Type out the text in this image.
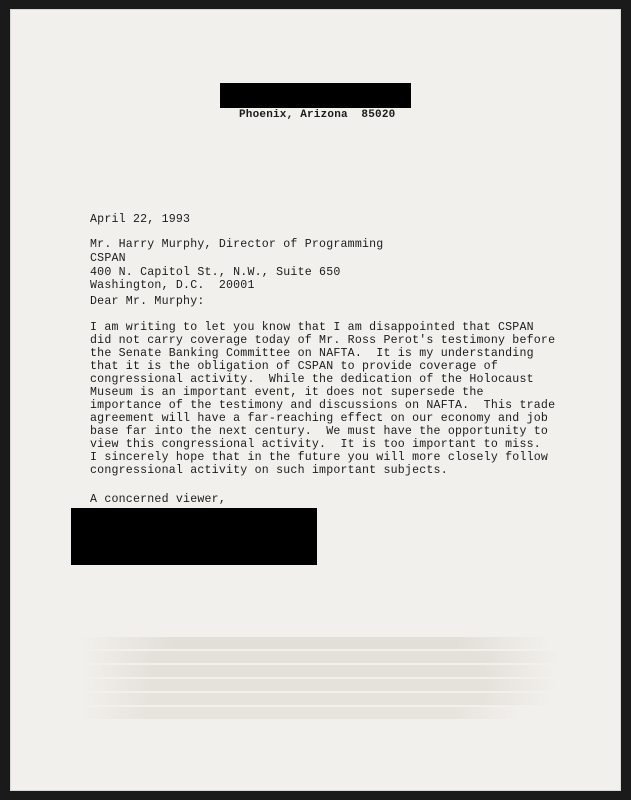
Phoenix, Arizona  85020
April 22, 1993
Mr. Harry Murphy, Director of Programming
CSPAN
400 N. Capitol St., N.W., Suite 650
Washington, D.C.  20001
Dear Mr. Murphy:
I am writing to let you know that I am disappointed that CSPAN
did not carry coverage today of Mr. Ross Perot's testimony before
the Senate Banking Committee on NAFTA.  It is my understanding
that it is the obligation of CSPAN to provide coverage of
congressional activity.  While the dedication of the Holocaust
Museum is an important event, it does not supersede the
importance of the testimony and discussions on NAFTA.  This trade
agreement will have a far-reaching effect on our economy and job
base far into the next century.  We must have the opportunity to
view this congressional activity.  It is too important to miss.
I sincerely hope that in the future you will more closely follow
congressional activity on such important subjects.
A concerned viewer,
